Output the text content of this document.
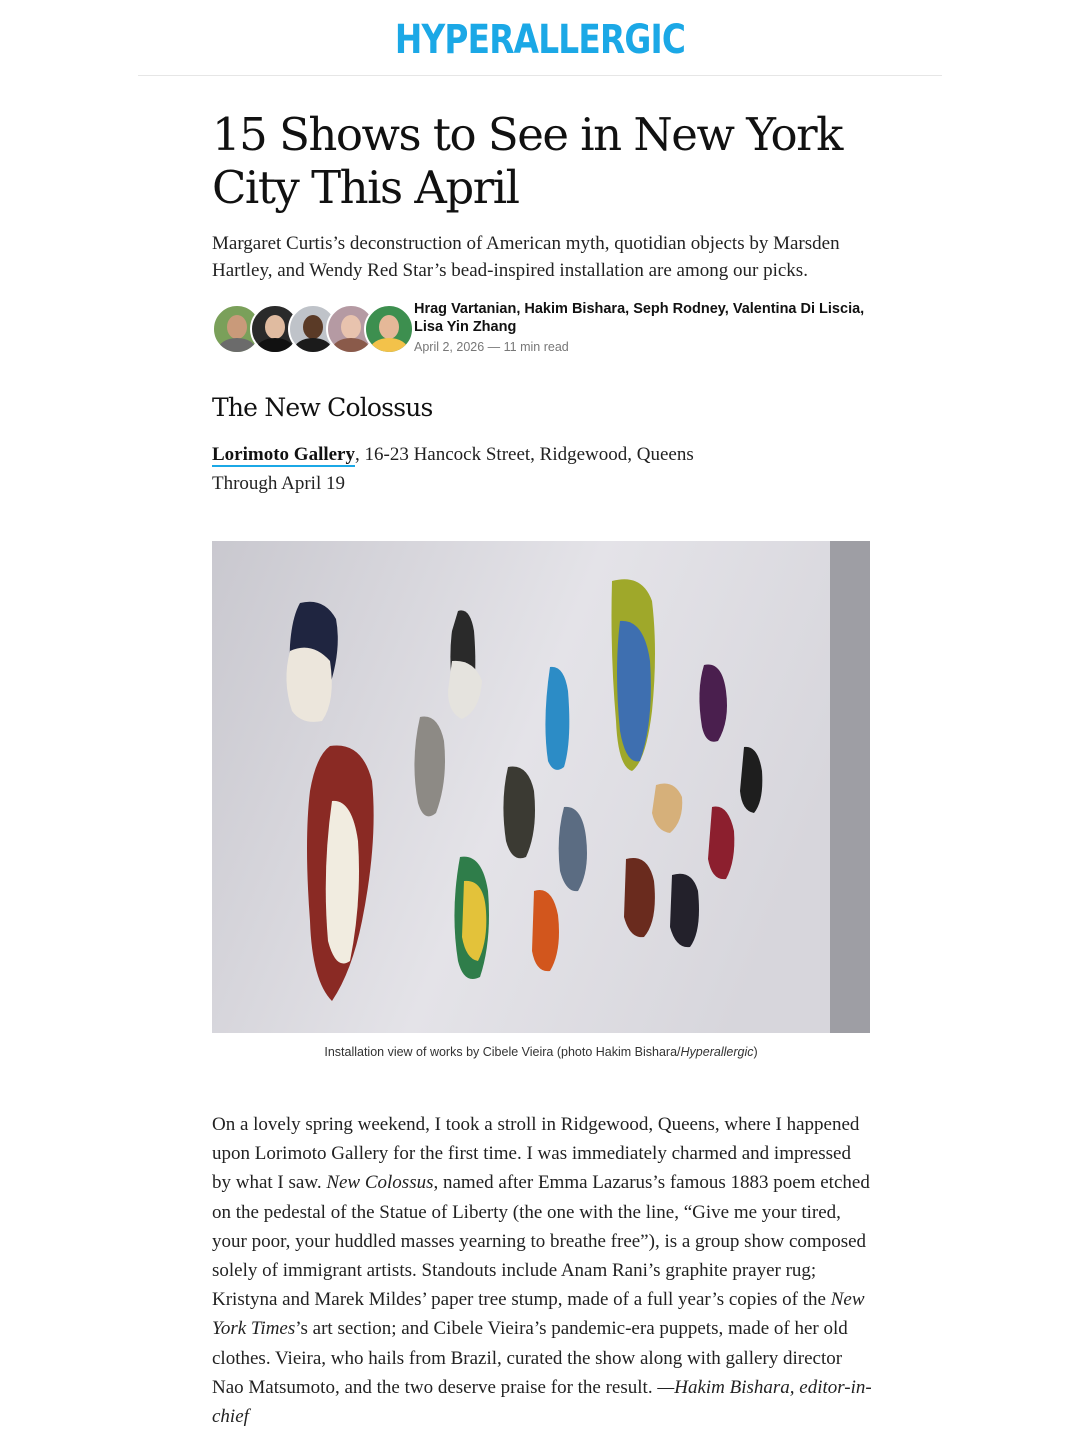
HYPERALLERGIC
15 Shows to See in New York City This April

Margaret Curtis’s deconstruction of American myth, quotidian objects by Marsden Hartley, and Wendy Red Star’s bead-inspired installation are among our picks.

Hrag Vartanian, Hakim Bishara, Seph Rodney, Valentina Di Liscia, Lisa Yin Zhang
April 2, 2026 — 11 min read
The New Colossus
Lorimoto Gallery, 16-23 Hancock Street, Ridgewood, Queens
Through April 19
Installation view of works by Cibele Vieira (photo Hakim Bishara/Hyperallergic)

On a lovely spring weekend, I took a stroll in Ridgewood, Queens, where I happened upon Lorimoto Gallery for the first time. I was immediately charmed and impressed by what I saw. New Colossus, named after Emma Lazarus’s famous 1883 poem etched on the pedestal of the Statue of Liberty (the one with the line, “Give me your tired, your poor, your huddled masses yearning to breathe free”), is a group show composed solely of immigrant artists. Standouts include Anam Rani’s graphite prayer rug; Kristyna and Marek Mildes’ paper tree stump, made of a full year’s copies of the New York Times’s art section; and Cibele Vieira’s pandemic-era puppets, made of her old clothes. Vieira, who hails from Brazil, curated the show along with gallery director Nao Matsumoto, and the two deserve praise for the result. —Hakim Bishara, editor-in-chief
